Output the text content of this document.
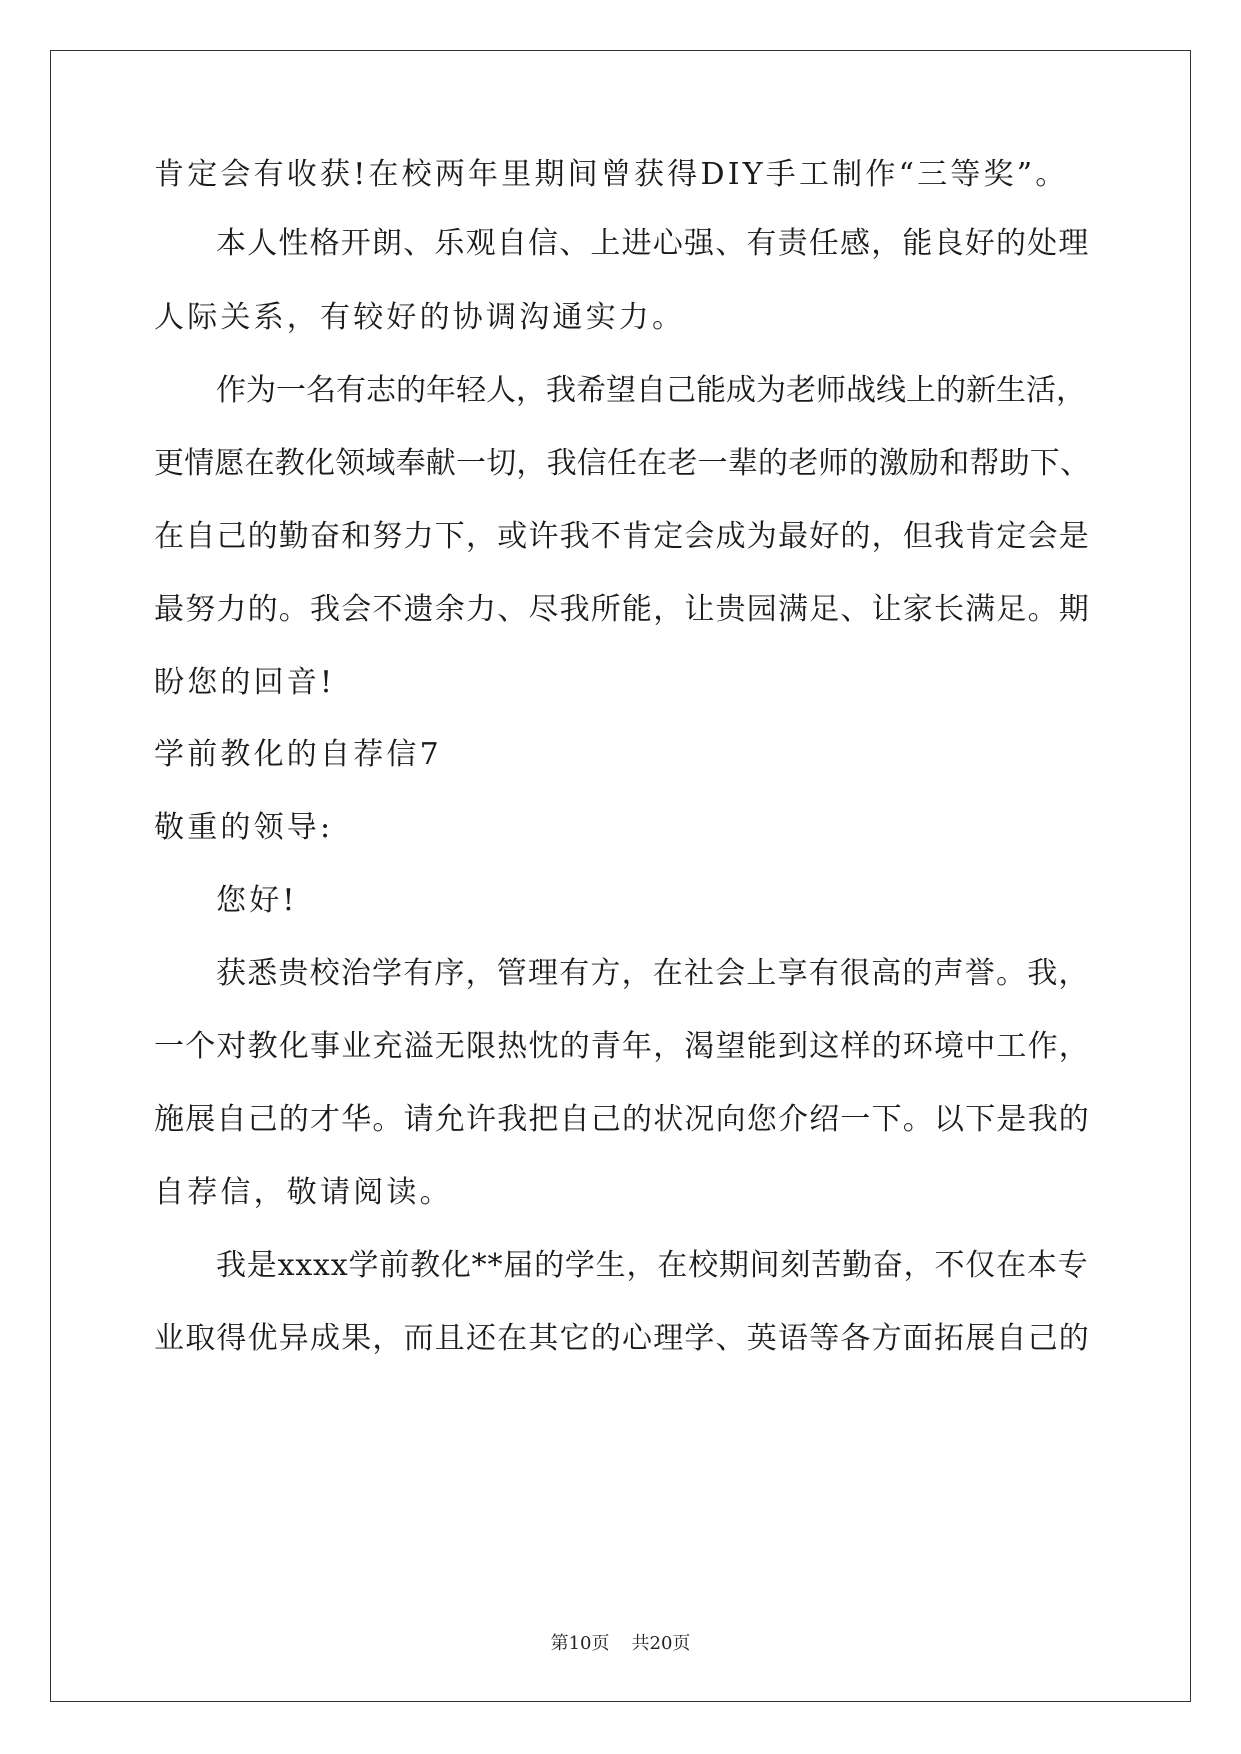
肯定会有收获!在校两年里期间曾获得DIY手工制作“三等奖”。
本人性格开朗、乐观自信、上进心强、有责任感，能良好的处理
人际关系，有较好的协调沟通实力。
作为一名有志的年轻人，我希望自己能成为老师战线上的新生活，
更情愿在教化领域奉献一切，我信任在老一辈的老师的激励和帮助下、
在自己的勤奋和努力下，或许我不肯定会成为最好的，但我肯定会是
最努力的。我会不遗余力、尽我所能，让贵园满足、让家长满足。期
盼您的回音!
学前教化的自荐信7
敬重的领导:
您好!
获悉贵校治学有序，管理有方，在社会上享有很高的声誉。我，
一个对教化事业充溢无限热忱的青年，渴望能到这样的环境中工作，
施展自己的才华。请允许我把自己的状况向您介绍一下。以下是我的
自荐信，敬请阅读。
我是xxxx学前教化**届的学生，在校期间刻苦勤奋，不仅在本专
业取得优异成果，而且还在其它的心理学、英语等各方面拓展自己的
第10页 共20页
